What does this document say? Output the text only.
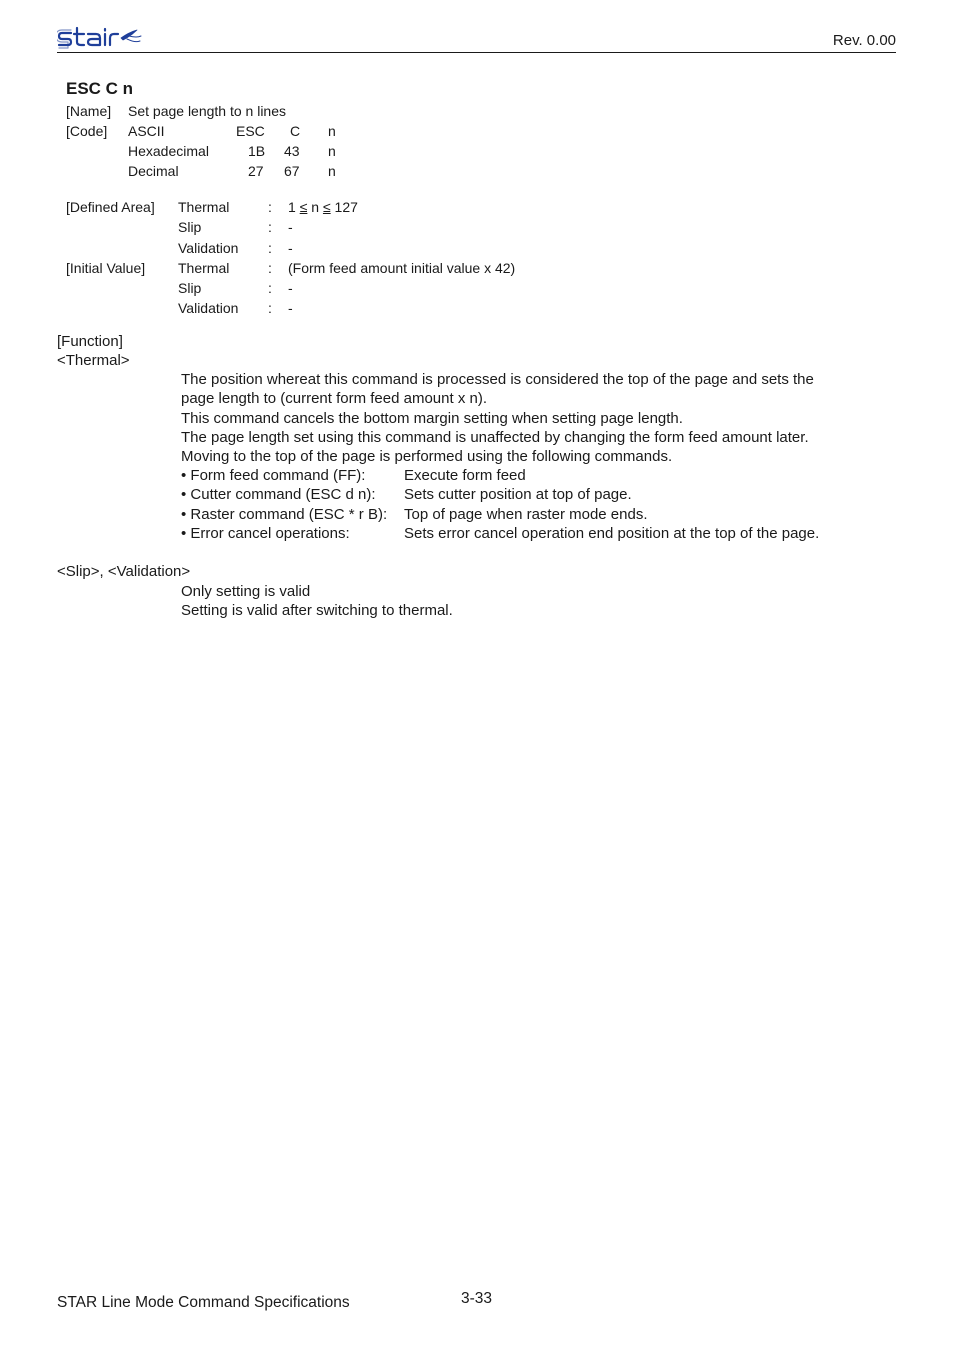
Rev. 0.00
ESC C n
[Name] Set page length to n lines
[Code] ASCII	ESC C n
Hexadecimal	1B 43 n
Decimal	27 67 n
[Defined Area] Thermal	: 1 ≤ n ≤ 127
Slip	: -
Validation : -
[Initial Value] Thermal	: (Form feed amount initial value x 42)
Slip	: -
Validation : -
[Function]
<Thermal>
The position whereat this command is processed is considered the top of the page and sets the
page length to (current form feed amount x n).
This command cancels the bottom margin setting when setting page length.
The page length set using this command is unaffected by changing the form feed amount later.
Moving to the top of the page is performed using the following commands.
• Form feed command (FF):	Execute form feed
• Cutter command (ESC d n): Sets cutter position at top of page.
• Raster command (ESC * r B): Top of page when raster mode ends.
• Error cancel operations:	Sets error cancel operation end position at the top of the page.
<Slip>, <Validation>
Only setting is valid
Setting is valid after switching to thermal.
STAR Line Mode Command Specifications	3-33
